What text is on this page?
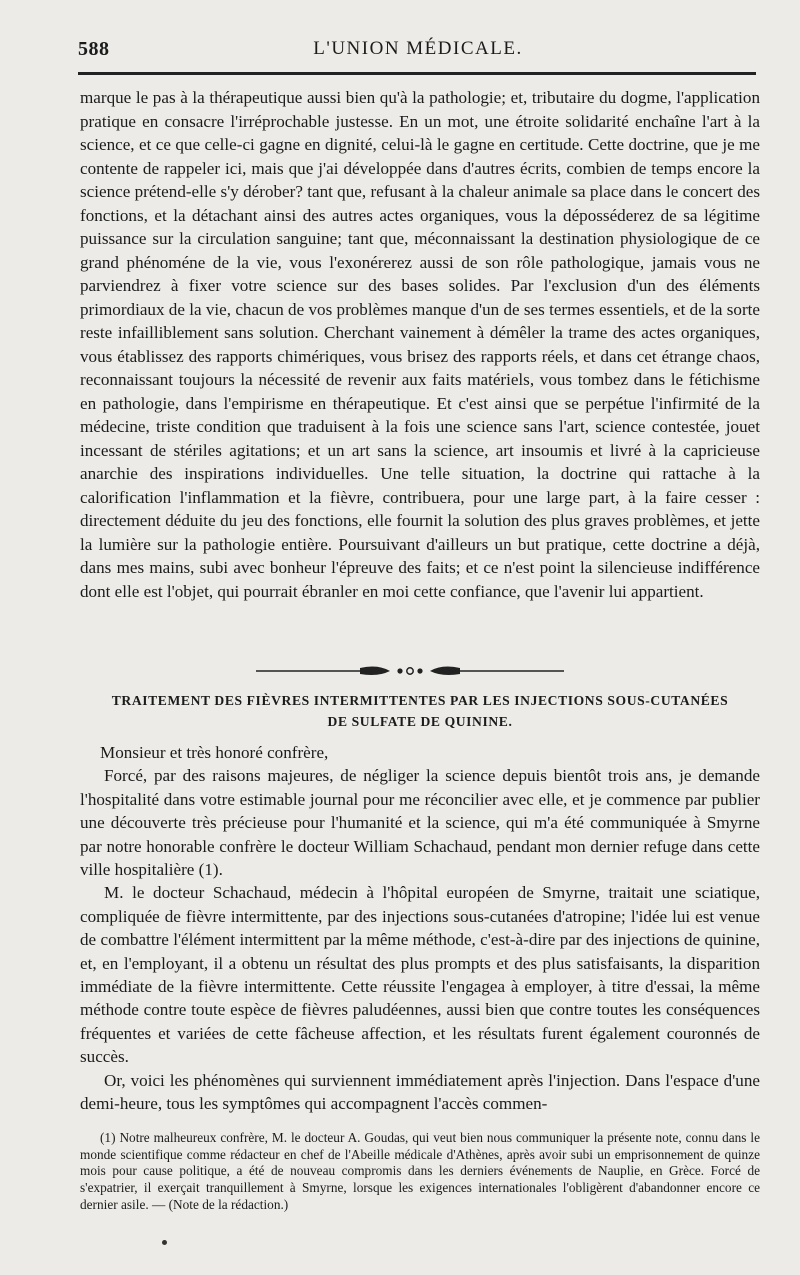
588	L'UNION MÉDICALE.

marque le pas à la thérapeutique aussi bien qu'à la pathologie; et, tributaire du dogme, l'application pratique en consacre l'irréprochable justesse. En un mot, une étroite solidarité enchaîne l'art à la science, et ce que celle-ci gagne en dignité, celui-là le gagne en certitude. Cette doctrine, que je me contente de rappeler ici, mais que j'ai développée dans d'autres écrits, combien de temps encore la science prétend-elle s'y dérober? tant que, refusant à la chaleur animale sa place dans le concert des fonctions, et la détachant ainsi des autres actes organiques, vous la déposséderez de sa légitime puissance sur la circulation sanguine; tant que, méconnaissant la destination physiologique de ce grand phénoméne de la vie, vous l'exonérerez aussi de son rôle pathologique, jamais vous ne parviendrez à fixer votre science sur des bases solides. Par l'exclusion d'un des éléments primordiaux de la vie, chacun de vos problèmes manque d'un de ses termes essentiels, et de la sorte reste infailliblement sans solution. Cherchant vainement à démêler la trame des actes organiques, vous établissez des rapports chimériques, vous brisez des rapports réels, et dans cet étrange chaos, reconnaissant toujours la nécessité de revenir aux faits matériels, vous tombez dans le fétichisme en pathologie, dans l'empirisme en thérapeutique. Et c'est ainsi que se perpétue l'infirmité de la médecine, triste condition que traduisent à la fois une science sans l'art, science contestée, jouet incessant de stériles agitations; et un art sans la science, art insoumis et livré à la capricieuse anarchie des inspirations individuelles. Une telle situation, la doctrine qui rattache à la calorification l'inflammation et la fièvre, contribuera, pour une large part, à la faire cesser : directement déduite du jeu des fonctions, elle fournit la solution des plus graves problèmes, et jette la lumière sur la pathologie entière. Poursuivant d'ailleurs un but pratique, cette doctrine a déjà, dans mes mains, subi avec bonheur l'épreuve des faits; et ce n'est point la silencieuse indifférence dont elle est l'objet, qui pourrait ébranler en moi cette confiance, que l'avenir lui appartient.

TRAITEMENT DES FIÈVRES INTERMITTENTES PAR LES INJECTIONS SOUS-CUTANÉES
DE SULFATE DE QUININE.

Monsieur et très honoré confrère,

Forcé, par des raisons majeures, de négliger la science depuis bientôt trois ans, je demande l'hospitalité dans votre estimable journal pour me réconcilier avec elle, et je commence par publier une découverte très précieuse pour l'humanité et la science, qui m'a été communiquée à Smyrne par notre honorable confrère le docteur William Schachaud, pendant mon dernier refuge dans cette ville hospitalière (1).

M. le docteur Schachaud, médecin à l'hôpital européen de Smyrne, traitait une sciatique, compliquée de fièvre intermittente, par des injections sous-cutanées d'atropine; l'idée lui est venue de combattre l'élément intermittent par la même méthode, c'est-à-dire par des injections de quinine, et, en l'employant, il a obtenu un résultat des plus prompts et des plus satisfaisants, la disparition immédiate de la fièvre intermittente. Cette réussite l'engagea à employer, à titre d'essai, la même méthode contre toute espèce de fièvres paludéennes, aussi bien que contre toutes les conséquences fréquentes et variées de cette fâcheuse affection, et les résultats furent également couronnés de succès.

Or, voici les phénomènes qui surviennent immédiatement après l'injection. Dans l'espace d'une demi-heure, tous les symptômes qui accompagnent l'accès commen-

(1) Notre malheureux confrère, M. le docteur A. Goudas, qui veut bien nous communiquer la présente note, connu dans le monde scientifique comme rédacteur en chef de l'Abeille médicale d'Athènes, après avoir subi un emprisonnement de quinze mois pour cause politique, a été de nouveau compromis dans les derniers événements de Nauplie, en Grèce. Forcé de s'expatrier, il exerçait tranquillement à Smyrne, lorsque les exigences internationales l'obligèrent d'abandonner encore ce dernier asile. — (Note de la rédaction.)
